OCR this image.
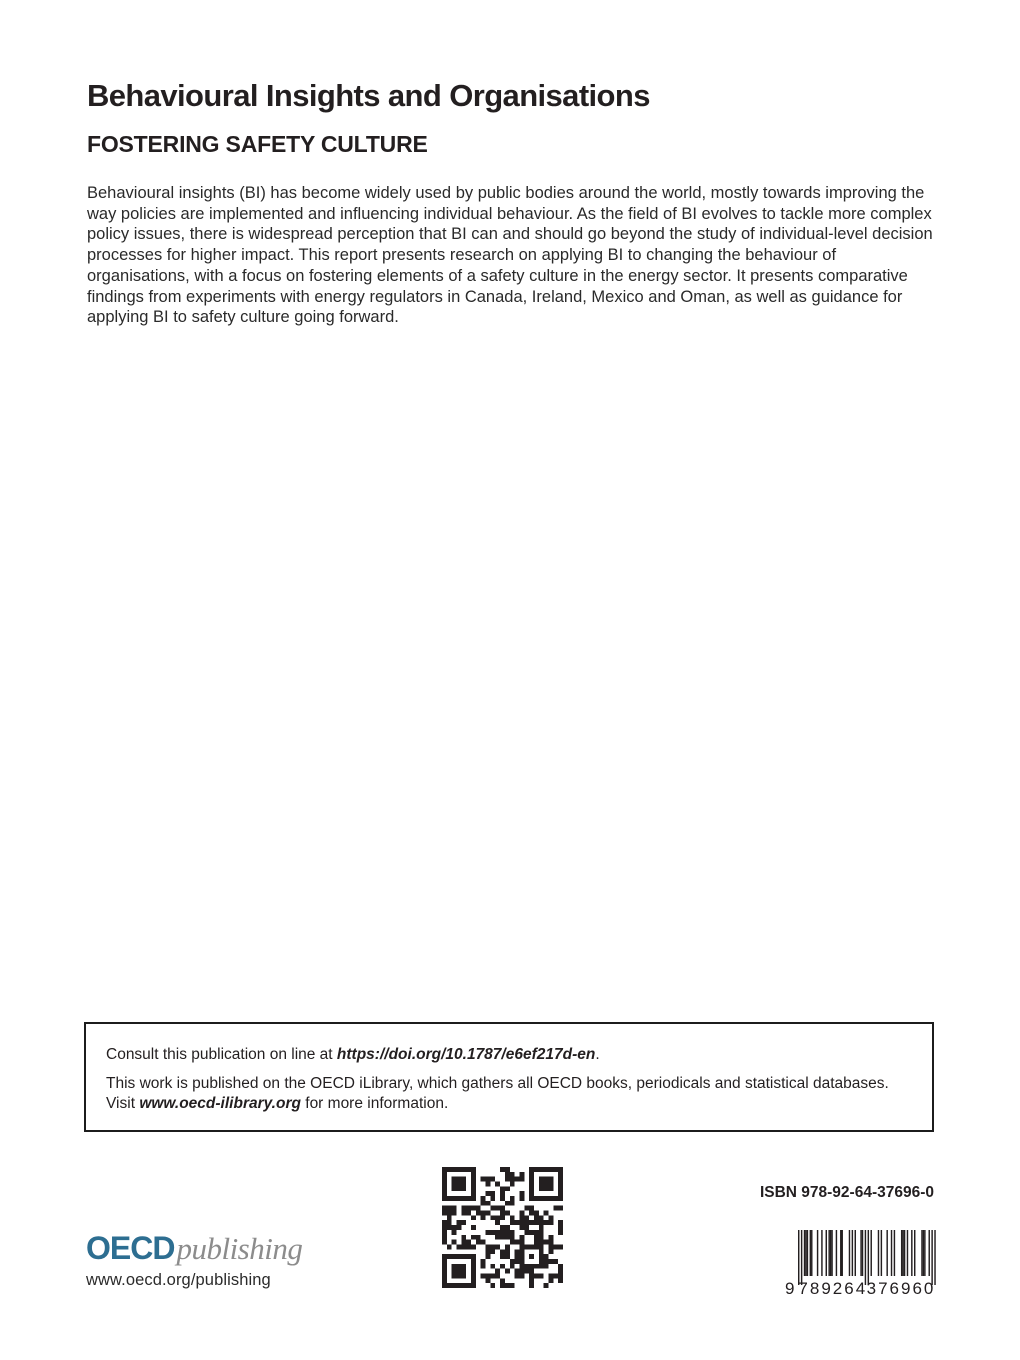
Behavioural Insights and Organisations
FOSTERING SAFETY CULTURE
Behavioural insights (BI) has become widely used by public bodies around the world, mostly towards improving the way policies are implemented and influencing individual behaviour. As the field of BI evolves to tackle more complex policy issues, there is widespread perception that BI can and should go beyond the study of individual-level decision processes for higher impact. This report presents research on applying BI to changing the behaviour of organisations, with a focus on fostering elements of a safety culture in the energy sector. It presents comparative findings from experiments with energy regulators in Canada, Ireland, Mexico and Oman, as well as guidance for applying BI to safety culture going forward.

Consult this publication on line at https://doi.org/10.1787/e6ef217d-en.

This work is published on the OECD iLibrary, which gathers all OECD books, periodicals and statistical databases.
Visit www.oecd-ilibrary.org for more information.

ISBN 978-92-64-37696-0
9 789264 376960
OECD publishing
www.oecd.org/publishing
